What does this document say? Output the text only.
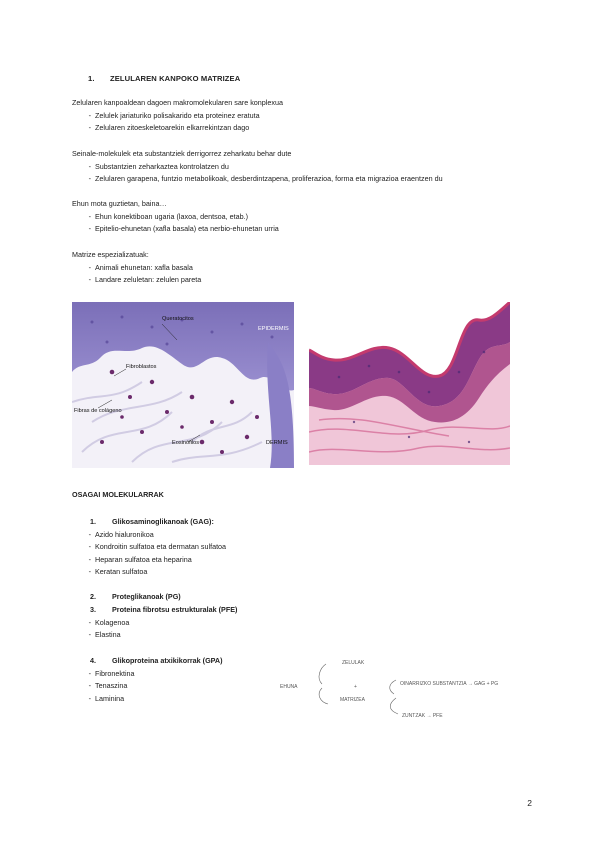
1. ZELULAREN KANPOKO MATRIZEA
Zelularen kanpoaldean dagoen makromolekularen sare konplexua
- Zelulek jariaturiko polisakarido eta proteinez eratuta
- Zelularen zitoeskeletoarekin elkarrekintzan dago
Seinale-molekulek eta substantziek derrigorrez zeharkatu behar dute
- Substantzien zeharkaztea kontrolatzen du
- Zelularen garapena, funtzio metabolikoak, desberdintzapena, proliferazioa, forma eta migrazioa eraentzen du
Ehun mota guztietan, baina…
- Ehun konektiboan ugaria (laxoa, dentsoa, etab.)
- Epitelio-ehunetan (xafla basala) eta nerbio-ehunetan urria
Matrize espezializatuak:
- Animali ehunetan: xafla basala
- Landare zeluletan: zelulen pareta
Queratocitos
EPIDERMIS
Fibroblastos
Fibras de colágeno
Eosinófilos	DERMIS
OSAGAI MOLEKULARRAK
1.	Glikosaminoglikanoak (GAG):
- Azido hialuronikoa
- Kondroitin sulfatoa eta dermatan sulfatoa
- Heparan sulfatoa eta heparina
- Keratan sulfatoa
2.	Proteglikanoak (PG)
3.	Proteina fibrotsu estrukturalak (PFE)
- Kolagenoa
- Elastina
4.	Glikoproteina atxikikorrak (GPA)
- Fibronektina
- Tenaszina
- Laminina
EHUNA
ZELULAK
+
MATRIZEA
OINARRIZKO SUBSTANTZIA → GAG + PG
ZUNTZAK → PFE
2
